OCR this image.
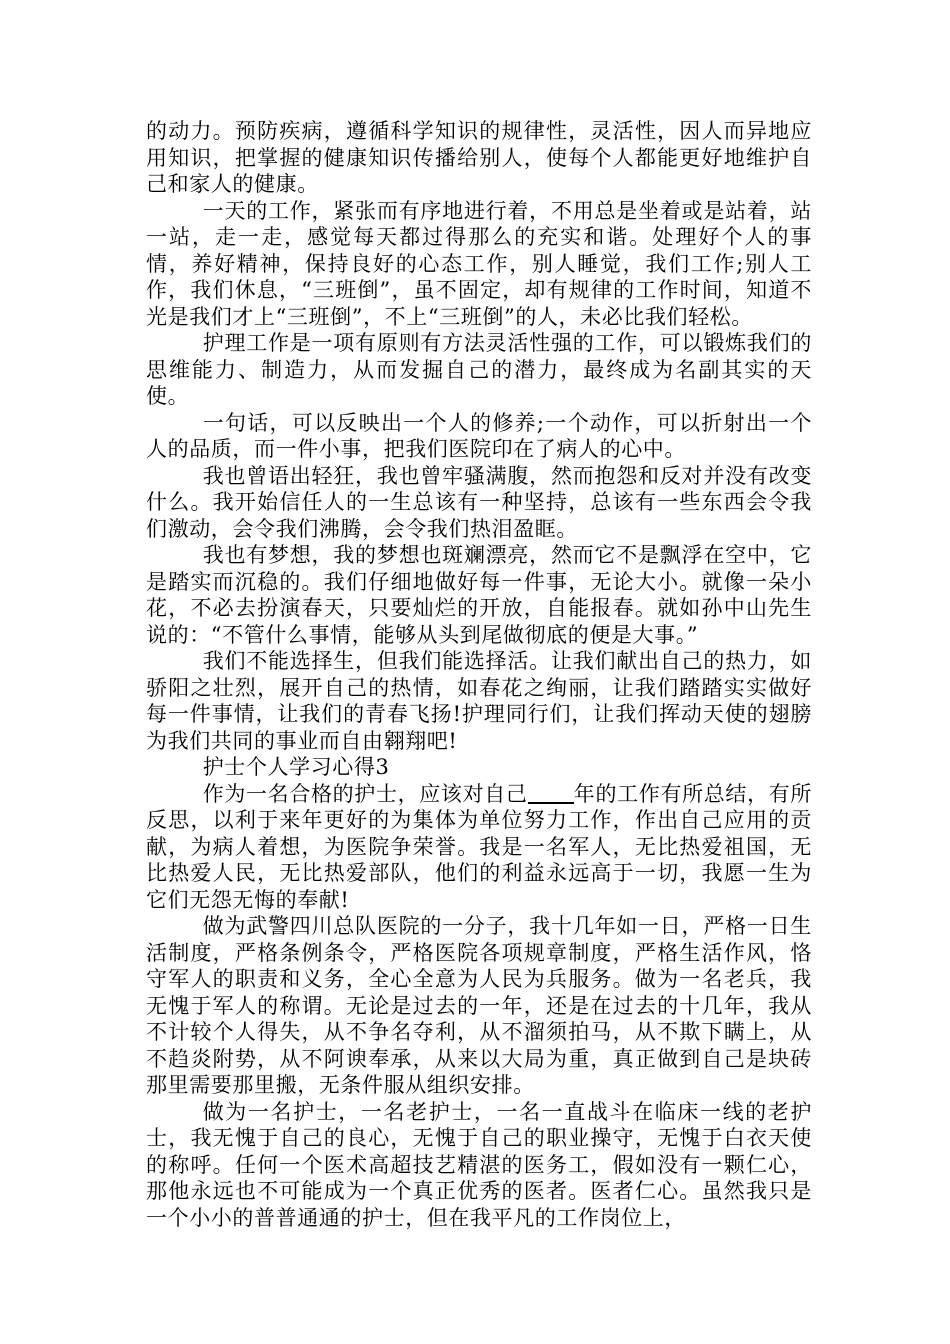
的动力。预防疾病，遵循科学知识的规律性，灵活性，因人而异地应用知识，把掌握的健康知识传播给别人，使每个人都能更好地维护自己和家人的健康。

一天的工作，紧张而有序地进行着，不用总是坐着或是站着，站一站，走一走，感觉每天都过得那么的充实和谐。处理好个人的事情，养好精神，保持良好的心态工作，别人睡觉，我们工作;别人工作，我们休息，“三班倒”，虽不固定，却有规律的工作时间，知道不光是我们才上“三班倒”，不上“三班倒”的人，未必比我们轻松。

护理工作是一项有原则有方法灵活性强的工作，可以锻炼我们的思维能力、制造力，从而发掘自己的潜力，最终成为名副其实的天使。

一句话，可以反映出一个人的修养;一个动作，可以折射出一个人的品质，而一件小事，把我们医院印在了病人的心中。

我也曾语出轻狂，我也曾牢骚满腹，然而抱怨和反对并没有改变什么。我开始信任人的一生总该有一种坚持，总该有一些东西会令我们激动，会令我们沸腾，会令我们热泪盈眶。

我也有梦想，我的梦想也斑斓漂亮，然而它不是飘浮在空中，它是踏实而沉稳的。我们仔细地做好每一件事，无论大小。就像一朵小花，不必去扮演春天，只要灿烂的开放，自能报春。就如孙中山先生说的：“不管什么事情，能够从头到尾做彻底的便是大事。”

我们不能选择生，但我们能选择活。让我们献出自己的热力，如骄阳之壮烈，展开自己的热情，如春花之绚丽，让我们踏踏实实做好每一件事情，让我们的青春飞扬!护理同行们，让我们挥动天使的翅膀为我们共同的事业而自由翱翔吧!

护士个人学习心得3

作为一名合格的护士，应该对自己 年的工作有所总结，有所反思，以利于来年更好的为集体为单位努力工作，作出自己应用的贡献，为病人着想，为医院争荣誉。我是一名军人，无比热爱祖国，无比热爱人民，无比热爱部队，他们的利益永远高于一切，我愿一生为它们无怨无悔的奉献!

做为武警四川总队医院的一分子，我十几年如一日，严格一日生活制度，严格条例条令，严格医院各项规章制度，严格生活作风，恪守军人的职责和义务，全心全意为人民为兵服务。做为一名老兵，我无愧于军人的称谓。无论是过去的一年，还是在过去的十几年，我从不计较个人得失，从不争名夺利，从不溜须拍马，从不欺下瞒上，从不趋炎附势，从不阿谀奉承，从来以大局为重，真正做到自己是块砖那里需要那里搬，无条件服从组织安排。

做为一名护士，一名老护士，一名一直战斗在临床一线的老护士，我无愧于自己的良心，无愧于自己的职业操守，无愧于白衣天使的称呼。任何一个医术高超技艺精湛的医务工，假如没有一颗仁心，那他永远也不可能成为一个真正优秀的医者。医者仁心。虽然我只是一个小小的普普通通的护士，但在我平凡的工作岗位上，
